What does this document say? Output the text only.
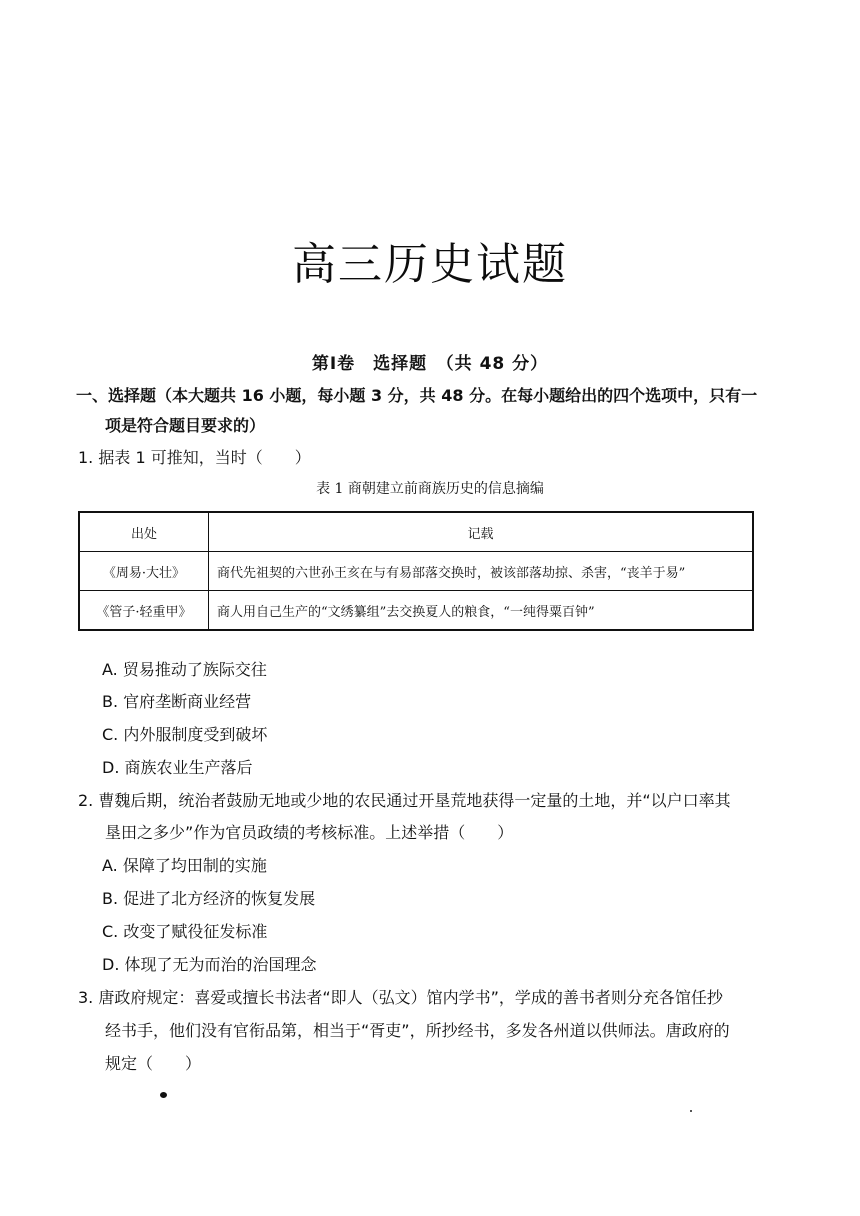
高三历史试题
第Ⅰ卷　选择题　（共 48 分）
一、选择题（本大题共 16 小题，每小题 3 分，共 48 分。在每小题给出的四个选项中，只有一
项是符合题目要求的）
1. 据表 1 可推知，当时（　　）
表 1 商朝建立前商族历史的信息摘编
出处	记载
《周易·大壮》	商代先祖契的六世孙王亥在与有易部落交换时，被该部落劫掠、杀害，“丧羊于易”
《管子·轻重甲》	商人用自己生产的“文绣纂组”去交换夏人的粮食，“一纯得粟百钟”
A. 贸易推动了族际交往
B. 官府垄断商业经营
C. 内外服制度受到破坏
D. 商族农业生产落后
2. 曹魏后期，统治者鼓励无地或少地的农民通过开垦荒地获得一定量的土地，并“以户口率其
垦田之多少”作为官员政绩的考核标准。上述举措（　　）
A. 保障了均田制的实施
B. 促进了北方经济的恢复发展
C. 改变了赋役征发标准
D. 体现了无为而治的治国理念
3. 唐政府规定：喜爱或擅长书法者“即人（弘文）馆内学书”，学成的善书者则分充各馆任抄
经书手，他们没有官衔品第，相当于“胥吏”，所抄经书，多发各州道以供师法。唐政府的
规定（　　）
